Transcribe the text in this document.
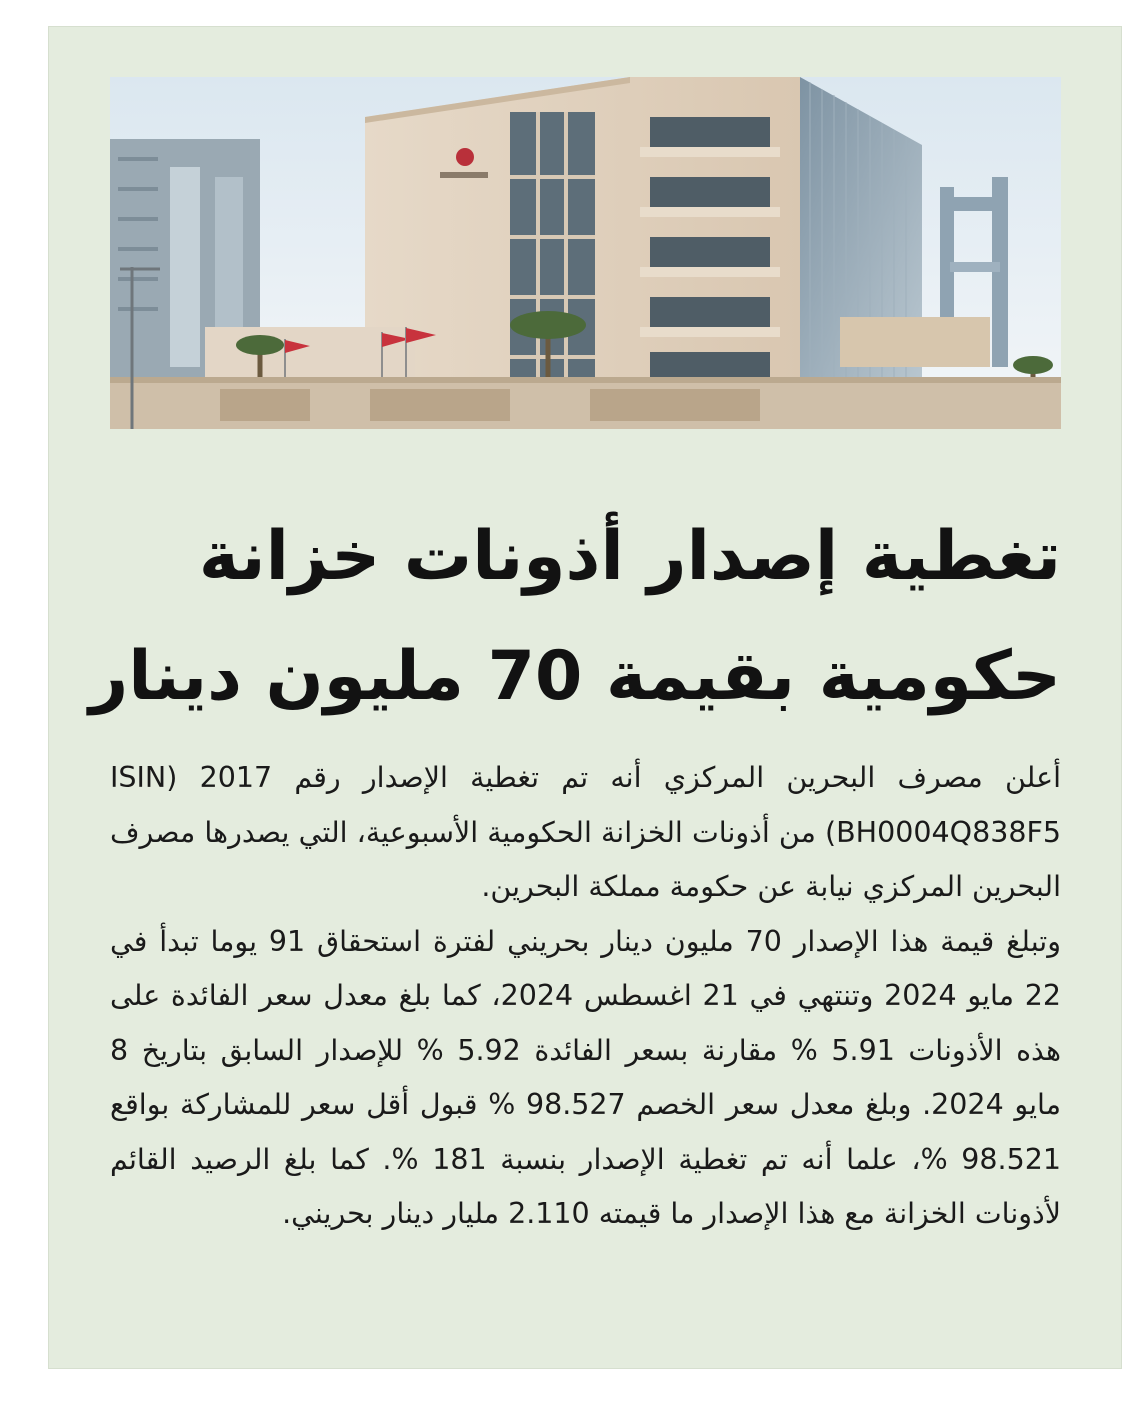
تغطية إصدار أذونات خزانة
حكومية بقيمة 70 مليون دينار

أعلن مصرف البحرين المركزي أنه تم تغطية الإصدار رقم 2017 (ISIN BH0004Q838F5) من أذونات الخزانة الحكومية الأسبوعية، التي يصدرها مصرف البحرين المركزي نيابة عن حكومة مملكة البحرين.

وتبلغ قيمة هذا الإصدار 70 مليون دينار بحريني لفترة استحقاق 91 يوما تبدأ في 22 مايو 2024 وتنتهي في 21 اغسطس 2024، كما بلغ معدل سعر الفائدة على هذه الأذونات 5.91 % مقارنة بسعر الفائدة 5.92 % للإصدار السابق بتاريخ 8 مايو 2024. وبلغ معدل سعر الخصم 98.527 % قبول أقل سعر للمشاركة بواقع 98.521 %، علما أنه تم تغطية الإصدار بنسبة 181 %. كما بلغ الرصيد القائم لأذونات الخزانة مع هذا الإصدار ما قيمته 2.110 مليار دينار بحريني.
